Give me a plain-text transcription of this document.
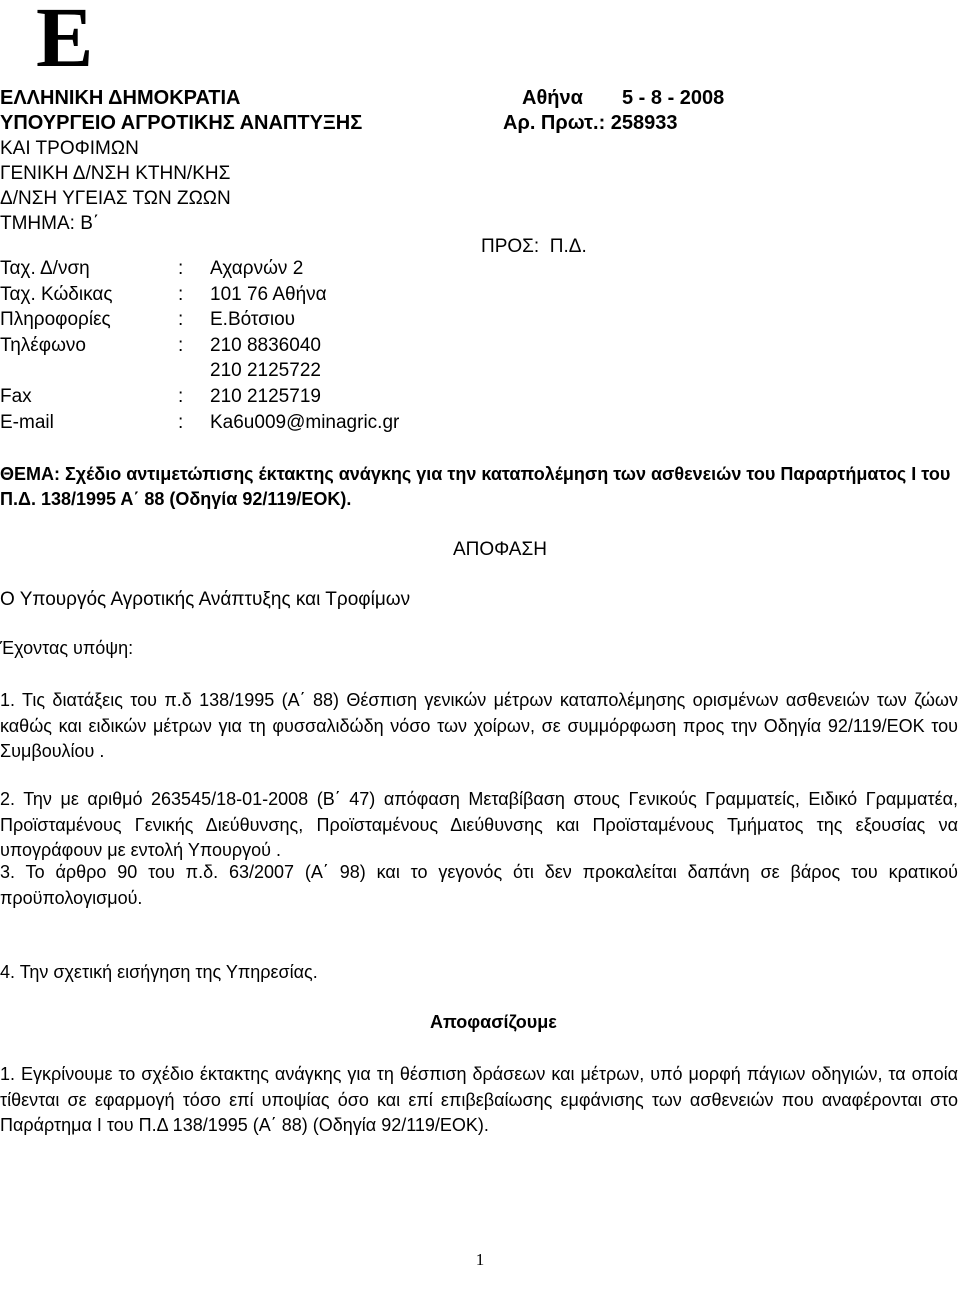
E
ΕΛΛΗΝΙΚΗ ΔΗΜΟΚΡΑΤΙΑ
ΥΠΟΥΡΓΕΙΟ ΑΓΡΟΤΙΚΗΣ ΑΝΑΠΤΥΞΗΣ
ΚΑΙ ΤΡΟΦΙΜΩΝ
ΓΕΝΙΚΗ Δ/ΝΣΗ ΚΤΗΝ/ΚΗΣ
Δ/ΝΣΗ ΥΓΕΙΑΣ ΤΩΝ ΖΩΩΝ
ΤΜΗΜΑ: Β΄
Αθήνα 5 - 8 - 2008
Αρ. Πρωτ.: 258933
ΠΡΟΣ: Π.Δ.
Ταχ. Δ/νση	: Αχαρνών 2
Ταχ. Κώδικας	: 101 76 Αθήνα
Πληροφορίες	: Ε.Βότσιου
Τηλέφωνο	: 210 8836040
210 2125722
Fax	: 210 2125719
E-mail	: Ka6u009@minagric.gr
ΘΕΜΑ: Σχέδιο αντιμετώπισης έκτακτης ανάγκης για την καταπολέμηση των ασθενειών του Παραρτήματος Ι του Π.Δ. 138/1995 Α΄ 88 (Οδηγία 92/119/ΕΟΚ).
ΑΠΟΦΑΣΗ
Ο Υπουργός Αγροτικής Ανάπτυξης και Τροφίμων
Έχοντας υπόψη:
1. Τις διατάξεις του π.δ 138/1995 (Α΄ 88) Θέσπιση γενικών μέτρων καταπολέμησης ορισμένων ασθενειών των ζώων καθώς και ειδικών μέτρων για τη φυσσαλιδώδη νόσο των χοίρων, σε συμμόρφωση προς την Οδηγία 92/119/ΕΟΚ του Συμβουλίου .
2. Την με αριθμό 263545/18-01-2008 (Β΄ 47) απόφαση Μεταβίβαση στους Γενικούς Γραμματείς, Ειδικό Γραμματέα, Προϊσταμένους Γενικής Διεύθυνσης, Προϊσταμένους Διεύθυνσης και Προϊσταμένους Τμήματος της εξουσίας να υπογράφουν με εντολή Υπουργού .
3. Το άρθρο 90 του π.δ. 63/2007 (Α΄ 98) και το γεγονός ότι δεν προκαλείται δαπάνη σε βάρος του κρατικού προϋπολογισμού.
4. Την σχετική εισήγηση της Υπηρεσίας.
Αποφασίζουμε
1. Εγκρίνουμε το σχέδιο έκτακτης ανάγκης για τη θέσπιση δράσεων και μέτρων, υπό μορφή πάγιων οδηγιών, τα οποία τίθενται σε εφαρμογή τόσο επί υποψίας όσο και επί επιβεβαίωσης εμφάνισης των ασθενειών που αναφέρονται στο Παράρτημα Ι του Π.Δ 138/1995 (Α΄ 88) (Οδηγία 92/119/ΕΟΚ).
1
